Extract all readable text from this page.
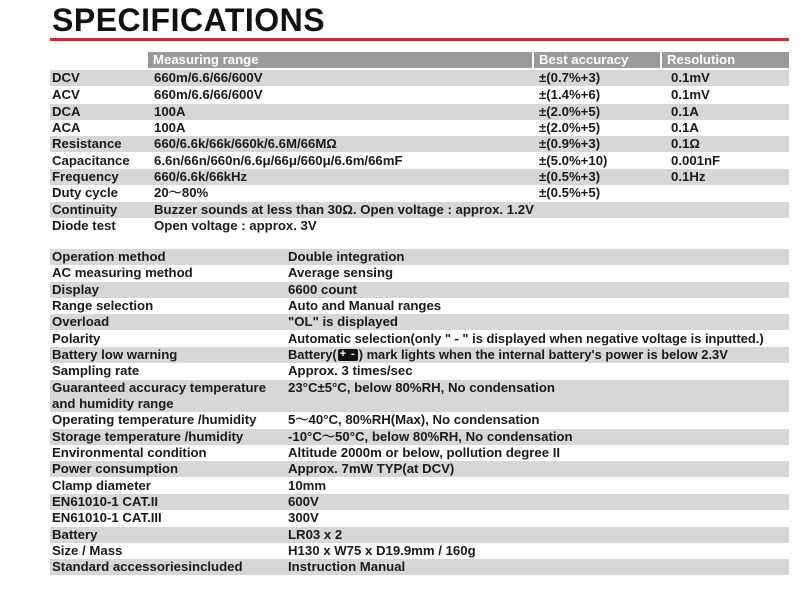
SPECIFICATIONS
Measuring range	Best accuracy	Resolution
DCV	660m/6.6/66/600V	±(0.7%+3)	0.1mV
ACV	660m/6.6/66/600V	±(1.4%+6)	0.1mV
DCA	100A	±(2.0%+5)	0.1A
ACA	100A	±(2.0%+5)	0.1A
Resistance 660/6.6k/66k/660k/6.6M/66MΩ	±(0.9%+3)	0.1Ω
Capacitance 6.6n/66n/660n/6.6μ/66μ/660μ/6.6m/66mF	±(5.0%+10)	0.001nF
Frequency	660/6.6k/66kHz	±(0.5%+3)	0.1Hz
Duty cycle	20～80%	±(0.5%+5)
Continuity	Buzzer sounds at less than 30Ω. Open voltage : approx. 1.2V
Diode test	Open voltage : approx. 3V
Operation method	Double integration
AC measuring method	Average sensing
Display	6600 count
Range selection	Auto and Manual ranges
Overload	"OL" is displayed
Polarity	Automatic selection(only " - " is displayed when negative voltage is inputted.)
Battery low warning	Battery(+ - ) mark lights when the internal battery's power is below 2.3V
Sampling rate	Approx. 3 times/sec
Guaranteed accuracy temperature
and humidity range
23°C±5°C, below 80%RH, No condensation
Operating temperature /humidity 5～40°C, 80%RH(Max), No condensation
Storage temperature /humidity	-10°C～50°C, below 80%RH, No condensation
Environmental condition	Altitude 2000m or below, pollution degree II
Power consumption	Approx. 7mW TYP(at DCV)
Clamp diameter	10mm
EN61010-1 CAT.II	600V
EN61010-1 CAT.III	300V
Battery	LR03 x 2
Size / Mass	H130 x W75 x D19.9mm / 160g
Standard accessoriesincluded	Instruction Manual
